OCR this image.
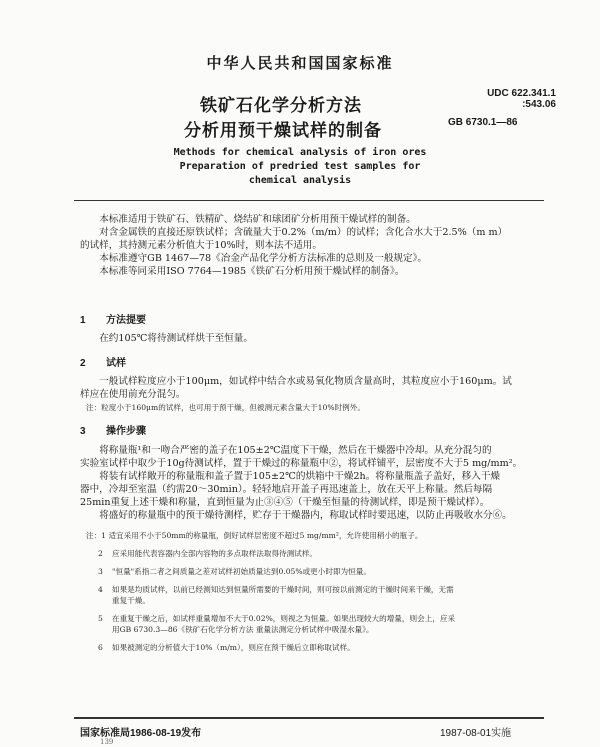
中华人民共和国国家标准
铁矿石化学分析方法
分析用预干燥试样的制备
UDC 622.341.1
:543.06
GB 6730.1—86
Methods for chemical analysis of iron ores
Preparation of predried test samples for
chemical analysis
本标准适用于铁矿石、铁精矿、烧结矿和球团矿分析用预干燥试样的制备。
对含金属铁的直接还原铁试样；含硫量大于0.2%（m/m）的试样；含化合水大于2.5%（m m）
的试样，其持测元素分析值大于10%时，则本法不适用。
本标准遵守GB 1467—78《冶金产品化学分析方法标准的总则及一般规定》。
本标准等同采用ISO 7764—1985《铁矿石分析用预干燥试样的制备》。
1 方法提要
在约105℃将待测试样烘干至恒量。
2 试样
一般试样粒度应小于100μm，如试样中结合水或易氧化物质含量高时，其粒度应小于160μm。试
样应在使用前充分混匀。
注：粒度小于160μm的试样，也可用于预干燥，但被测元素含量大于10%时例外。
3 操作步骤
将称量瓶¹和一吻合严密的盖子在105±2℃温度下干燥，然后在干燥器中冷却。从充分混匀的
实验室试样中取少于10g待测试样，置于干燥过的称量瓶中②，将试样铺平，层密度不大于5 mg/mm²。
将装有试样敞开的称量瓶和盖子置于105±2℃的烘箱中干燥2h。将称量瓶盖子盖好，移入干燥
器中，冷却至室温（约需20～30min）。轻轻地启开盖子再迅速盖上，放在天平上称量。然后每隔
25min重复上述干燥和称量，直到恒量为止③④⑤（干燥至恒量的待测试样，即是预干燥试样）。
将盛好的称量瓶中的预干燥待测样，贮存于干燥器内，称取试样时要迅速，以防止再吸收水分⑥。
注：1 适宜采用不小于50mm的称量瓶，倒好试样层密度不超过5 mg/mm²，允许使用稍小的瓶子。
2 应采用能代表容器内全部内容物的多点取样法取得待测试样。
3 "恒量"系指二者之间质量之差对试样初始质量达到0.05%或更小时即为恒量。
4 如果是均质试样，以前已经测知达到恒量所需要的干燥时间，则可按以前测定的干燥时间来干燥，无需
重复干燥。
5 在重复干燥之后，如试样重量增加不大于0.02%，则视之为恒量。如果出现较大的增量，则会上，应采
用GB 6730.3—86《铁矿石化学分析方法 重量法测定分析试样中吸湿水量》。
6 如果被测定的分析值大于10%（m/m），则应在预干燥后立即称取试样。
国家标准局1986-08-19发布	1987-08-01实施
139
